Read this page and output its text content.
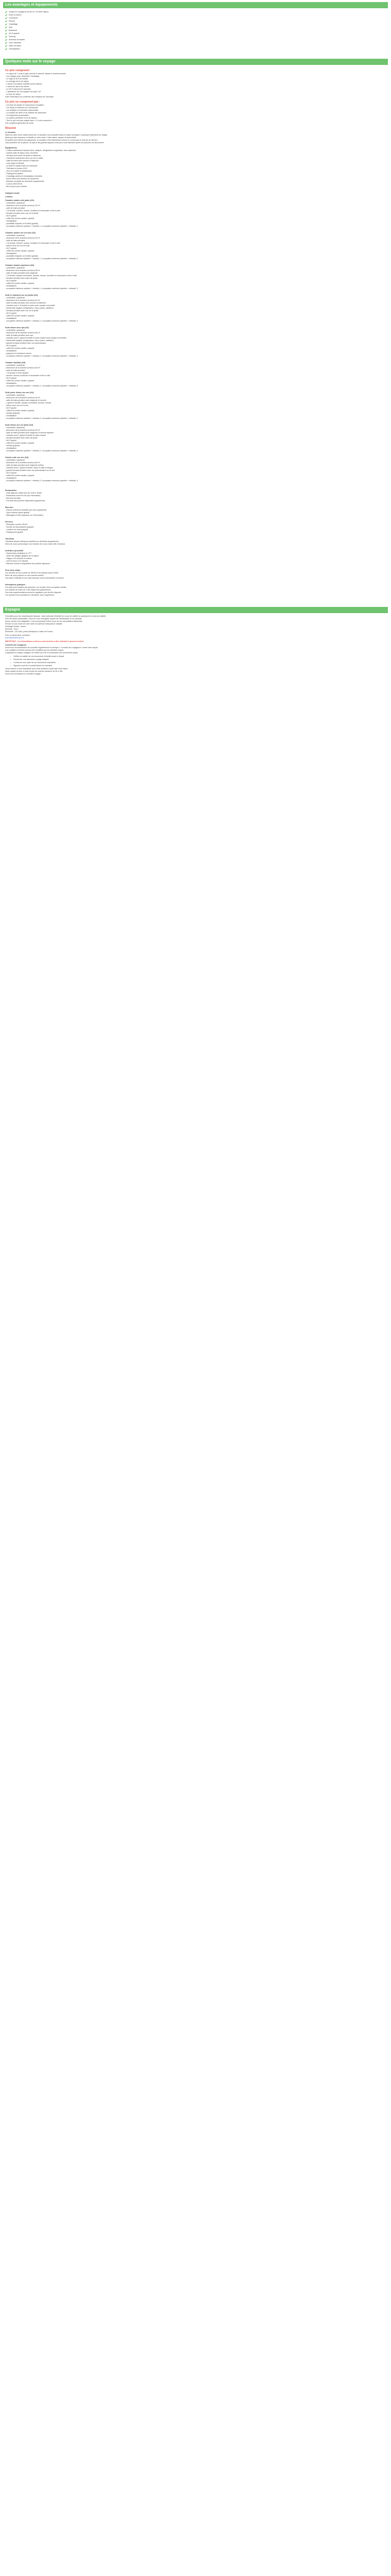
Les avantages et équipements
Jusqu'à 6 voyageurs (6 lits et 1 lit bébé dispo)
Dans la nature
Cheminée
Piscine
Chauffage
Spa
Barbecue
Wi-Fi gratuit
Parking
Animaux acceptés
Lave-vaisselle
Salle de bains
Climatisation
Quelques mots sur le voyage
Ce prix comprend :
- Le séjour de 7 nuits en gîte (arrivée le samedi, départ le samedi suivant)
- Les charges (eau, électricité, chauffage)
- Le linge de lit et de toilette
- Le ménage de fin de séjour
- L'accès à la piscine chauffée (selon saison)
- L'accès au spa et au sauna
- Le Wi-Fi dans tout le domaine
- L'assistance de nos équipes sur place 7j/7
- La taxe de séjour
Votre réservation est confirmée dès réception de l'acompte
Ce prix ne comprend pas :
- Les frais de dossier et d'assurance annulation
- Les repas et boissons non mentionnés
- Les activités et excursions optionnelles
- La location de vélos et de matériel de randonnée
- Les dépenses personnelles
- La caution (restituée en fin de séjour)
- Tout ce qui n'est pas indiqué dans « Ce prix comprend »
Voir conditions générales de vente
Résumé
Le domaine
Niché au cœur d'une vallée préservée, le domaine vous accueille dans un cadre verdoyant, à quelques kilomètres du village.
Idéal pour des vacances en famille ou entre amis, il offre calme, espace et authenticité.
Propriété d'une famille de passionnés, le domaine a été entièrement rénové en conservant le charme de l'ancien.
Vous profiterez de la piscine, du spa et des grands espaces verts pour vous détendre après vos journées de découverte.
Équipements
- Cuisine entièrement équipée (four, plaques, réfrigérateur-congélateur, lave-vaisselle)
- Grande salle de séjour avec cheminée
- Terrasse avec salon de jardin et barbecue
- Chambres lumineuses avec vue sur la vallée
- Salle de bains avec douche à l'italienne
- Lave-linge et étendoir
- Lit bébé et chaise haute sur demande
- Télévision et lecteur DVD
- Jeux de société et bibliothèque
- Parking privé gratuit
- Chauffage central et climatisation réversible
- Accès direct aux sentiers de randonnée
- Animaux acceptés sur demande (supplément)
- Local à vélos fermé
- Aire de jeux pour enfants
Catégorie locale
2 étoiles
Chambre double côté jardin (2/2)
- confortable, spacieuse
- dimension de la chambre (environ) 22 m²
- salle de bains privative
- 1 lit double, armoire, bureau, bouilloire et nécessaire à thé et café
- terrasse privative avec vue sur le jardin
- Wi-Fi gratuit
- coffre-fort (contre caution, payant)
- climatisation
- possibilité d'ajouter un lit bébé (gratuit)
- occupation minimum (adultes + enfants): 1; occupation maximum (adultes + enfants): 2
Chambre double vue sur bois (2/2)
- confortable, spacieuse
- dimension de la chambre (environ) 24 m²
- salle de bains privative
- 1 lit double, armoire, bureau, bouilloire et nécessaire à thé et café
- balcon avec vue sur les bois
- Wi-Fi gratuit
- coffre-fort (contre caution, payant)
- climatisation
- possibilité d'ajouter un lit bébé (gratuit)
- occupation minimum (adultes + enfants): 1; occupation maximum (adultes + enfants): 2
Chambre double supérieure (2/3)
- confortable, spacieuse
- dimension de la chambre (environ) 28 m²
- salle de bains privative avec baignoire
- 1 lit double, canapé convertible, armoire, bureau, bouilloire et nécessaire à thé et café
- terrasse privative avec salon de jardin
- Wi-Fi gratuit
- coffre-fort (contre caution, payant)
- climatisation
- occupation minimum (adultes + enfants): 1; occupation maximum (adultes + enfants): 3
Suite (1 chambre) vue sur jardin (2/4)
- confortable, spacieuse
- dimension de la chambre (environ) 40 m²
- salle de bains privative avec douche à l'italienne
- chambre avec 1 lit double et salon avec canapé convertible
- kitchenette équipée (réfrigérateur, micro-ondes, cafetière)
- terrasse privative avec vue sur le jardin
- Wi-Fi gratuit
- coffre-fort (contre caution, payant)
- climatisation
- occupation minimum (adultes + enfants): 2; occupation maximum (adultes + enfants): 4
Suite deluxe avec spa (2/4)
- confortable, spacieuse
- dimension de la chambre (environ) 55 m²
- salle de bains privative avec spa
- chambre avec 1 grand lit double et salon séparé avec canapé convertible
- kitchenette équipée (réfrigérateur, micro-ondes, cafetière)
- grande terrasse privative avec vue panoramique
- Wi-Fi gratuit
- coffre-fort (contre caution, payant)
- climatisation
- peignoirs et chaussons fournis
- occupation minimum (adultes + enfants): 2; occupation maximum (adultes + enfants): 4
Chambre familiale (2/5)
- confortable, spacieuse
- dimension de la chambre (environ) 35 m²
- salle de bains privative
- 1 lit double et 3 lits simples
- armoire, bureau, bouilloire et nécessaire à thé et café
- Wi-Fi gratuit
- coffre-fort (contre caution, payant)
- climatisation
- occupation minimum (adultes + enfants): 2; occupation maximum (adultes + enfants): 5
Suite junior deluxe vue mer (2/4)
- confortable, spacieuse
- dimension de la chambre (environ) 45 m²
- salle de bains privative avec baignoire et douche
- 1 grand lit double, canapé convertible, armoire, bureau
- balcon avec vue sur la mer
- Wi-Fi gratuit
- coffre-fort (contre caution, payant)
- minibar (payant)
- climatisation
- occupation minimum (adultes + enfants): 2; occupation maximum (adultes + enfants): 4
Suite deluxe vue sur jardin (2/4)
- confortable, spacieuse
- dimension de la chambre (environ) 50 m²
- salle de bains privative avec baignoire et douche séparée
- chambre avec 1 grand lit double et salon séparé
- terrasse privative avec salon de jardin
- Wi-Fi gratuit
- coffre-fort (contre caution, payant)
- minibar (payant)
- climatisation
- occupation minimum (adultes + enfants): 2; occupation maximum (adultes + enfants): 4
Grande suite vue mer (2/4)
- confortable, spacieuse
- dimension de la chambre (environ) 65 m²
- salle de bains privative avec baignoire balnéo
- chambre avec 1 grand lit double, salon et salle à manger
- grande terrasse privative avec vue panoramique sur la mer
- Wi-Fi gratuit
- coffre-fort (contre caution, payant)
- climatisation
- occupation minimum (adultes + enfants): 2; occupation maximum (adultes + enfants): 4
Restauration
- Petit-déjeuner buffet servi de 7h30 à 10h00
- Restaurant ouvert le soir (sur réservation)
- Bar avec terrasse
- Formule demi-pension disponible (supplément)
Bien-être
- Piscine extérieure chauffée (de mai à septembre)
- Spa et sauna (accès gratuit)
- Massages et soins (payants, sur réservation)
Services
- Réception ouverte 24h/24
- Service de blanchisserie (payant)
- Location de vélos (payant)
- Parking privé gratuit
Transferts
Transferts depuis l'aéroport possibles sur demande (supplément).
Merci de nous communiquer vos horaires de vol au moins 48h à l'avance.
Activités à proximité
- Randonnées pédestres et VTT
- Visite des villages typiques de la région
- Plages à 15 minutes en voiture
- Golf 18 trous à 20 minutes
- Marchés locaux et dégustation de produits régionaux
Pour votre séjour
Les arrivées se font à partir de 16h00 et les départs avant 10h00.
Merci de nous prévenir en cas d'arrivée tardive.
Une pièce d'identité et une carte bancaire seront demandées à l'arrivée.
Informations pratiques
Les tarifs sont indiqués par personne, sur la base d'une occupation double.
Les enfants de moins de 2 ans séjournent gratuitement.
Des frais supplémentaires peuvent s'appliquer pour les lits d'appoint.
Les animaux sont acceptés sur demande, avec supplément.
Espagne
Formalités pour les ressortissants français : carte nationale d'identité en cours de validité ou passeport en cours de validité.
Pour les autres nationalités, merci de vous renseigner auprès de l'ambassade ou du consulat.
Aucun vaccin n'est obligatoire. Il est recommandé d'être à jour de vos vaccinations habituelles.
Pensez à vous munir de votre carte européenne d'assurance maladie.
Décalage horaire : aucun.
Monnaie : l'euro.
Électricité : 220 volts, prises identiques à celles de France.
Pour en savoir plus, consultez :
www.diplomatie.gouv.fr
IMPORTANT : les informations ci-dessus sont données à titre indicatif et peuvent évoluer.
Conseils aux voyageurs
Nous vous recommandons de consulter régulièrement la rubrique « Conseils aux voyageurs » avant votre départ.
Les conditions d'entrée peuvent être modifiées par les autorités locales.
Il appartient à chaque voyageur de vérifier qu'il est en possession des documents requis.
• Vérifiez la validité de vos documents d'identité avant le départ
• Souscrivez une assurance voyage adaptée
• Conservez une copie de vos documents importants
• Signalez-vous sur le portail Ariane du ministère
Nous restons à votre disposition pour toute question concernant votre séjour.
Notre équipe se tient à votre écoute du lundi au vendredi, de 9h à 18h.
Nous vous souhaitons un excellent voyage !
